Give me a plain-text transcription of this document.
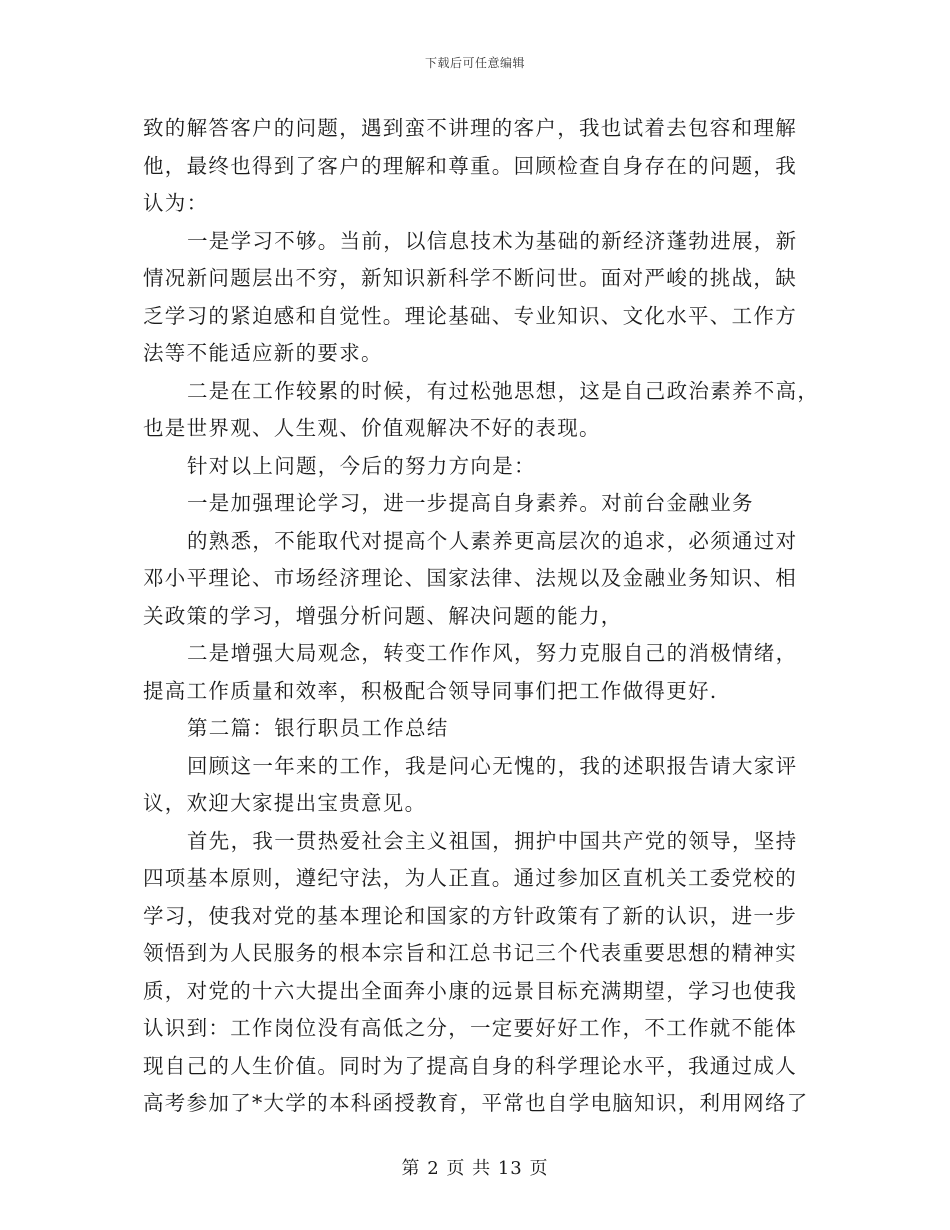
下载后可任意编辑
致的解答客户的问题，遇到蛮不讲理的客户，我也试着去包容和理解
他，最终也得到了客户的理解和尊重。回顾检查自身存在的问题，我
认为：
一是学习不够。当前，以信息技术为基础的新经济蓬勃进展，新
情况新问题层出不穷，新知识新科学不断问世。面对严峻的挑战，缺
乏学习的紧迫感和自觉性。理论基础、专业知识、文化水平、工作方
法等不能适应新的要求。
二是在工作较累的时候，有过松弛思想，这是自己政治素养不高，
也是世界观、人生观、价值观解决不好的表现。
针对以上问题，今后的努力方向是：
一是加强理论学习，进一步提高自身素养。对前台金融业务
的熟悉，不能取代对提高个人素养更高层次的追求，必须通过对
邓小平理论、市场经济理论、国家法律、法规以及金融业务知识、相
关政策的学习，增强分析问题、解决问题的能力，
二是增强大局观念，转变工作作风，努力克服自己的消极情绪，
提高工作质量和效率，积极配合领导同事们把工作做得更好.
第二篇：银行职员工作总结
回顾这一年来的工作，我是问心无愧的，我的述职报告请大家评
议，欢迎大家提出宝贵意见。
首先，我一贯热爱社会主义祖国，拥护中国共产党的领导，坚持
四项基本原则，遵纪守法，为人正直。通过参加区直机关工委党校的
学习，使我对党的基本理论和国家的方针政策有了新的认识，进一步
领悟到为人民服务的根本宗旨和江总书记三个代表重要思想的精神实
质，对党的十六大提出全面奔小康的远景目标充满期望，学习也使我
认识到：工作岗位没有高低之分，一定要好好工作，不工作就不能体
现自己的人生价值。同时为了提高自身的科学理论水平，我通过成人
高考参加了*大学的本科函授教育，平常也自学电脑知识，利用网络了
第 2 页 共 13 页
